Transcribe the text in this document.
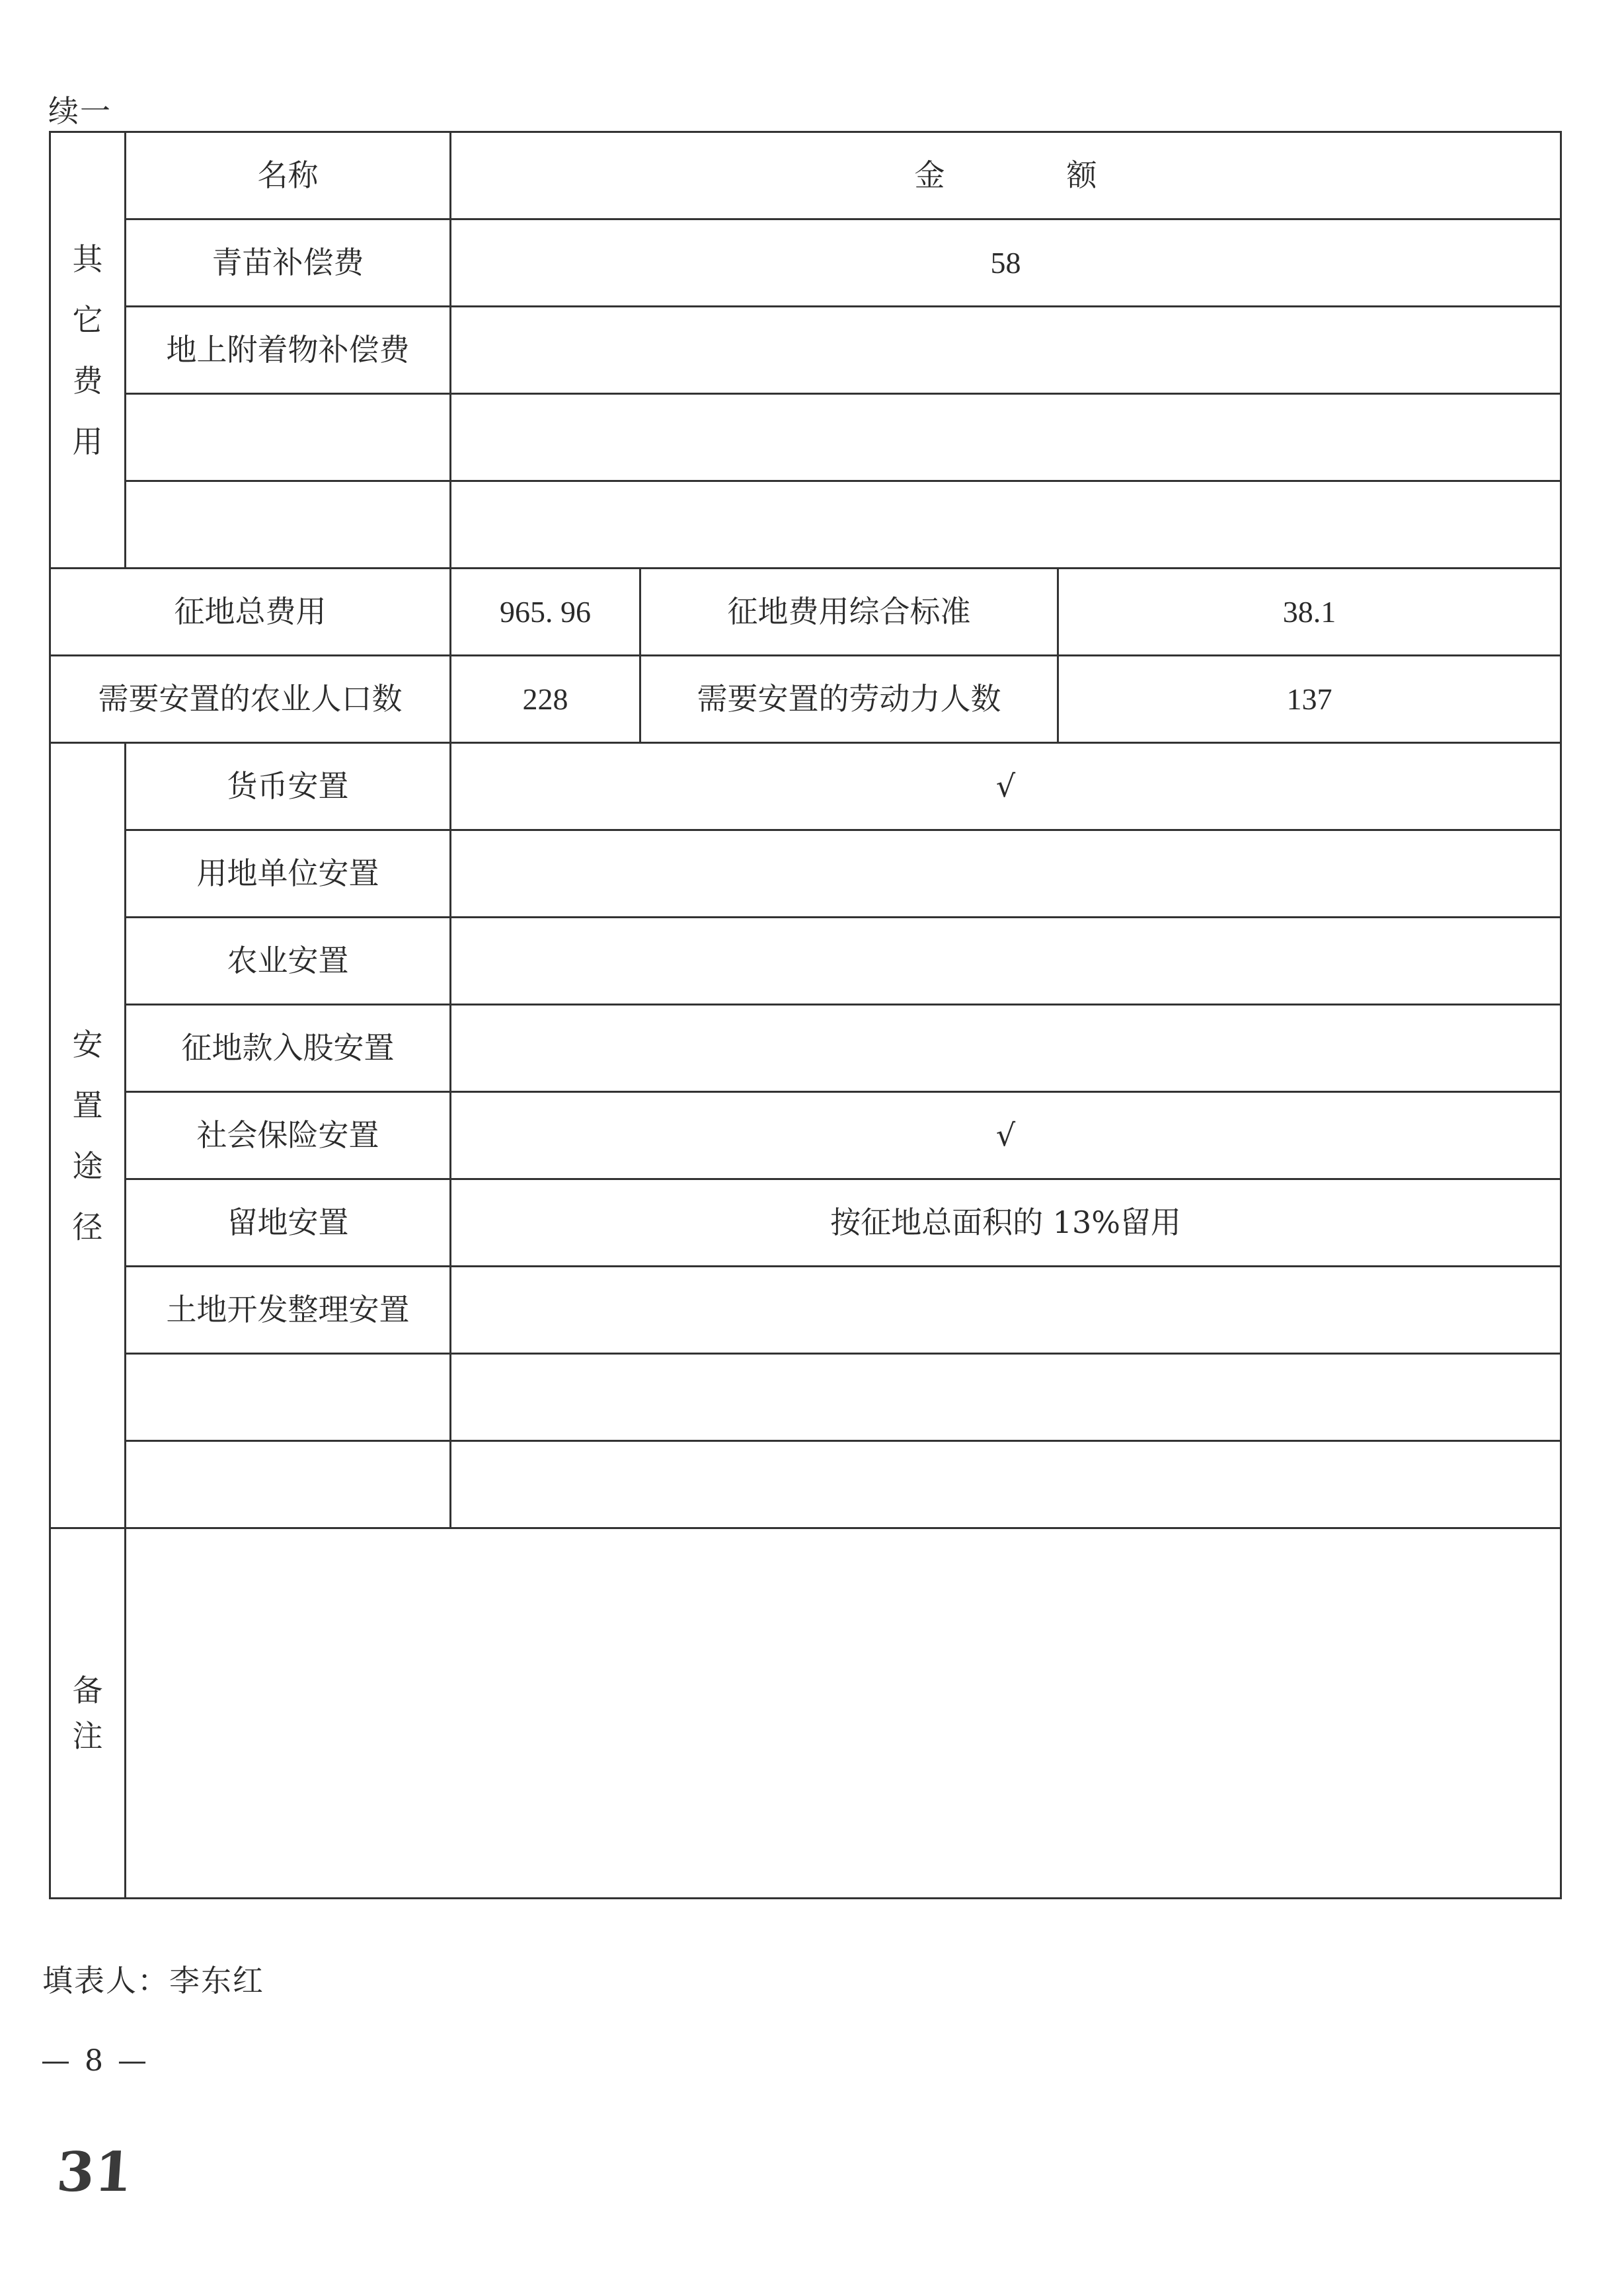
续一
其它费用	名称	金　　　　额		
	青苗补偿费	58		
	地上附着物补偿费			

征地总费用		965. 96	征地费用综合标准	38.1
需要安置的农业人口数		228	需要安置的劳动力人数	137
安置途径	货币安置	√		
	用地单位安置			
	农业安置			
	征地款入股安置			
	社会保险安置	√		
	留地安置	按征地总面积的 13%留用		
	土地开发整理安置			

备注				
填表人：李东红
— 8 —
31
